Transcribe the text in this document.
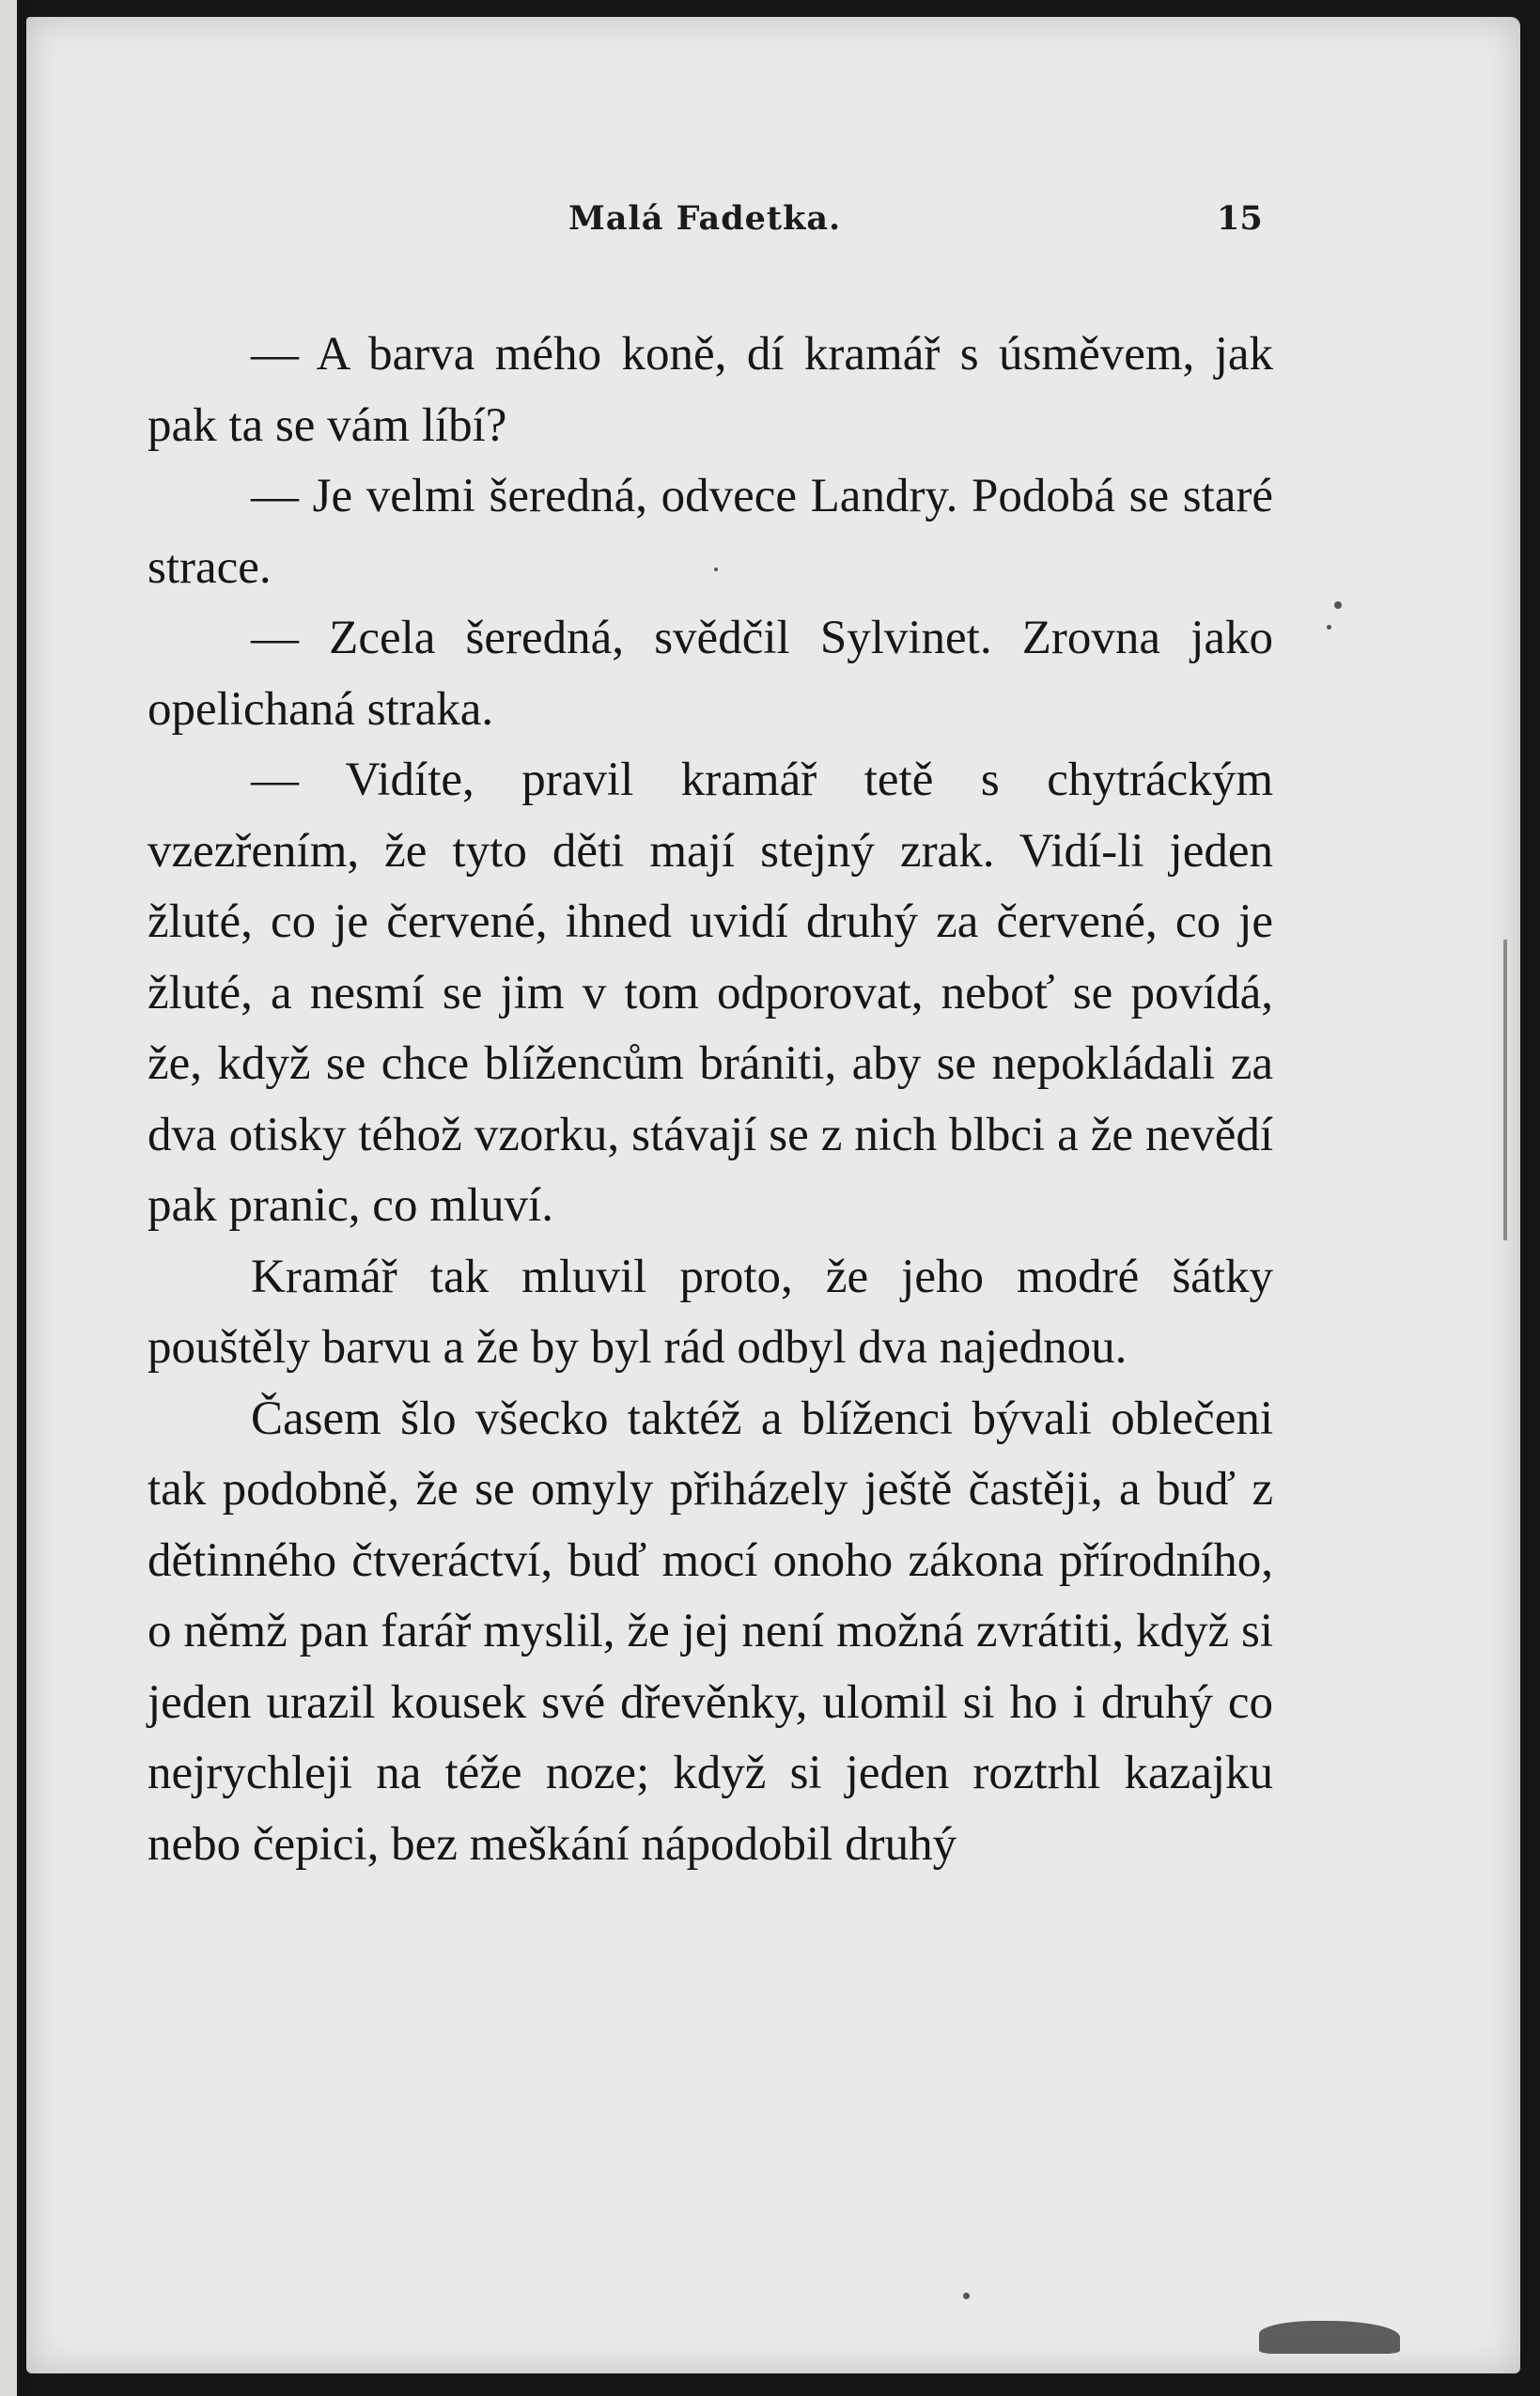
Malá Fadetka.	15

— A barva mého koně, dí kramář s úsměvem, jak pak ta se vám líbí?

— Je velmi šeredná, odvece Landry. Podobá se staré strace.

— Zcela šeredná, svědčil Sylvinet. Zrovna jako opelichaná straka.

— Vidíte, pravil kramář tetě s chytráckým vzezřením, že tyto děti mají stejný zrak. Vidí-li jeden žluté, co je červené, ihned uvidí druhý za červené, co je žluté, a nesmí se jim v tom odporovat, neboť se povídá, že, když se chce blížencům brániti, aby se nepokládali za dva otisky téhož vzorku, stávají se z nich blbci a že nevědí pak pranic, co mluví.

Kramář tak mluvil proto, že jeho modré šátky pouštěly barvu a že by byl rád odbyl dva najednou.

Časem šlo všecko taktéž a blíženci bývali oblečeni tak podobně, že se omyly přiházely ještě častěji, a buď z dětinného čtveráctví, buď mocí onoho zákona přírodního, o němž pan farář myslil, že jej není možná zvrátiti, když si jeden urazil kousek své dřevěnky, ulomil si ho i druhý co nejrychleji na téže noze; když si jeden roztrhl kazajku nebo čepici, bez meškání nápodobil druhý
